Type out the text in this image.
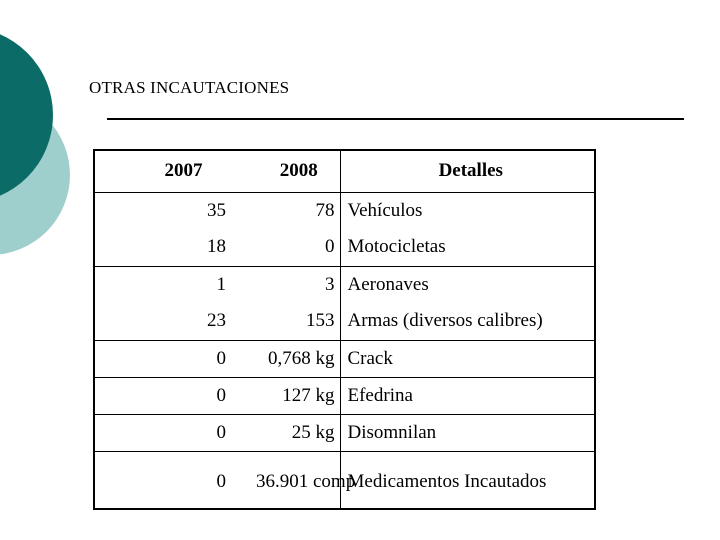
OTRAS INCAUTACIONES
2007	2008	Detalles
35	78	Vehículos
18	0	Motocicletas
1	3	Aeronaves
23	153	Armas (diversos calibres)
0	0,768 kg	Crack
0	127 kg	Efedrina
0	25 kg	Disomnilan
0	36.901 comp	Medicamentos Incautados
